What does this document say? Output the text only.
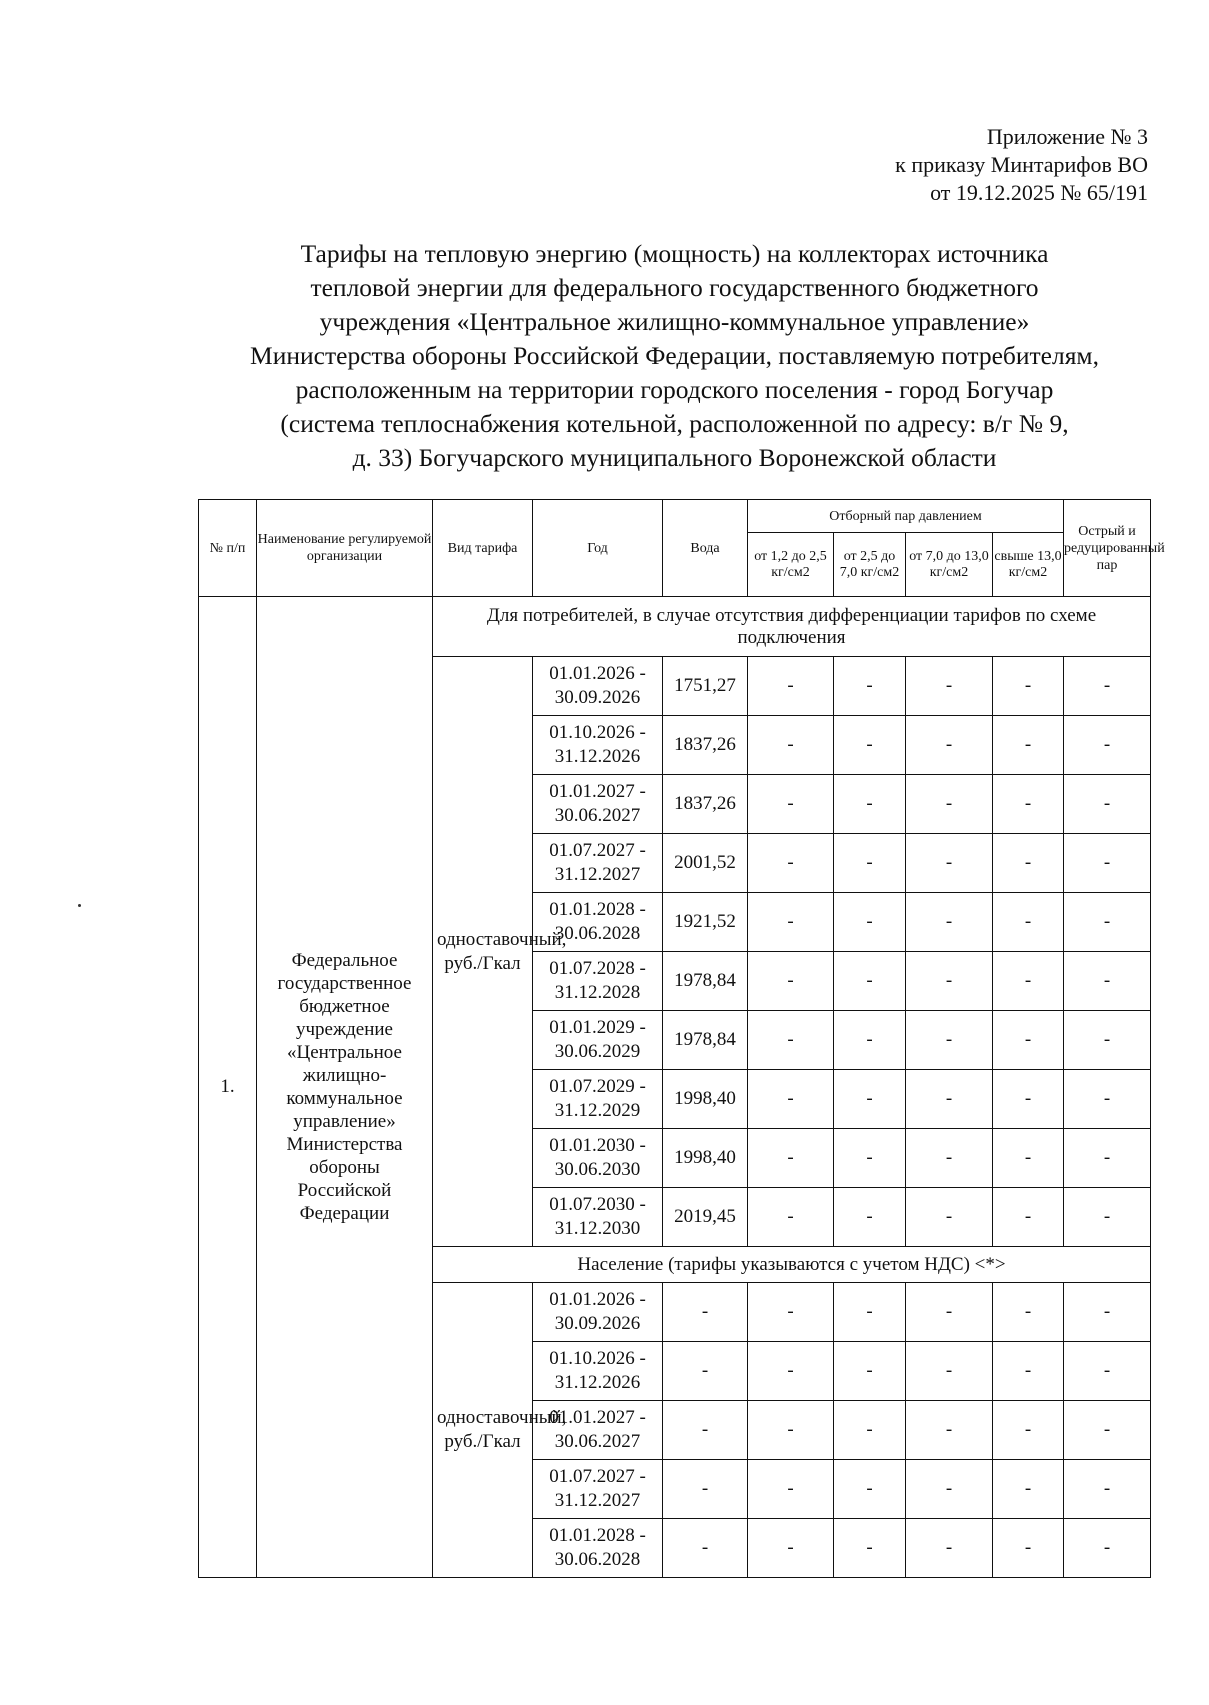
Приложение № 3
к приказу Минтарифов ВО
от 19.12.2025 № 65/191
Тарифы на тепловую энергию (мощность) на коллекторах источника
тепловой энергии для федерального государственного бюджетного
учреждения «Центральное жилищно-коммунальное управление»
Министерства обороны Российской Федерации, поставляемую потребителям,
расположенным на территории городского поселения - город Богучар
(система теплоснабжения котельной, расположенной по адресу: в/г № 9,
д. 33) Богучарского муниципального Воронежской области
№ п/п	Наименование регулируемой организации	Вид тарифа	Год	Вода	Отборный пар давлением				Острый и редуцированный пар
					от 1,2 до 2,5 кг/см2	от 2,5 до 7,0 кг/см2	от 7,0 до 13,0 кг/см2	свыше 13,0 кг/см2	
1.	Федеральное государственное бюджетное учреждение «Центральное жилищно-коммунальное управление» Министерства обороны Российской Федерации	Для потребителей, в случае отсутствия дифференциации тарифов по схеме подключения							
		одноставочный, руб./Гкал	01.01.2026 - 30.09.2026	1751,27	-	-	-	-	-
			01.10.2026 - 31.12.2026	1837,26	-	-	-	-	-
			01.01.2027 - 30.06.2027	1837,26	-	-	-	-	-
			01.07.2027 - 31.12.2027	2001,52	-	-	-	-	-
			01.01.2028 - 30.06.2028	1921,52	-	-	-	-	-
			01.07.2028 - 31.12.2028	1978,84	-	-	-	-	-
			01.01.2029 - 30.06.2029	1978,84	-	-	-	-	-
			01.07.2029 - 31.12.2029	1998,40	-	-	-	-	-
			01.01.2030 - 30.06.2030	1998,40	-	-	-	-	-
			01.07.2030 - 31.12.2030	2019,45	-	-	-	-	-
		Население (тарифы указываются с учетом НДС) <*>							
		одноставочный, руб./Гкал	01.01.2026 - 30.09.2026	-	-	-	-	-	-
			01.10.2026 - 31.12.2026	-	-	-	-	-	-
			01.01.2027 - 30.06.2027	-	-	-	-	-	-
			01.07.2027 - 31.12.2027	-	-	-	-	-	-
			01.01.2028 - 30.06.2028	-	-	-	-	-	-
